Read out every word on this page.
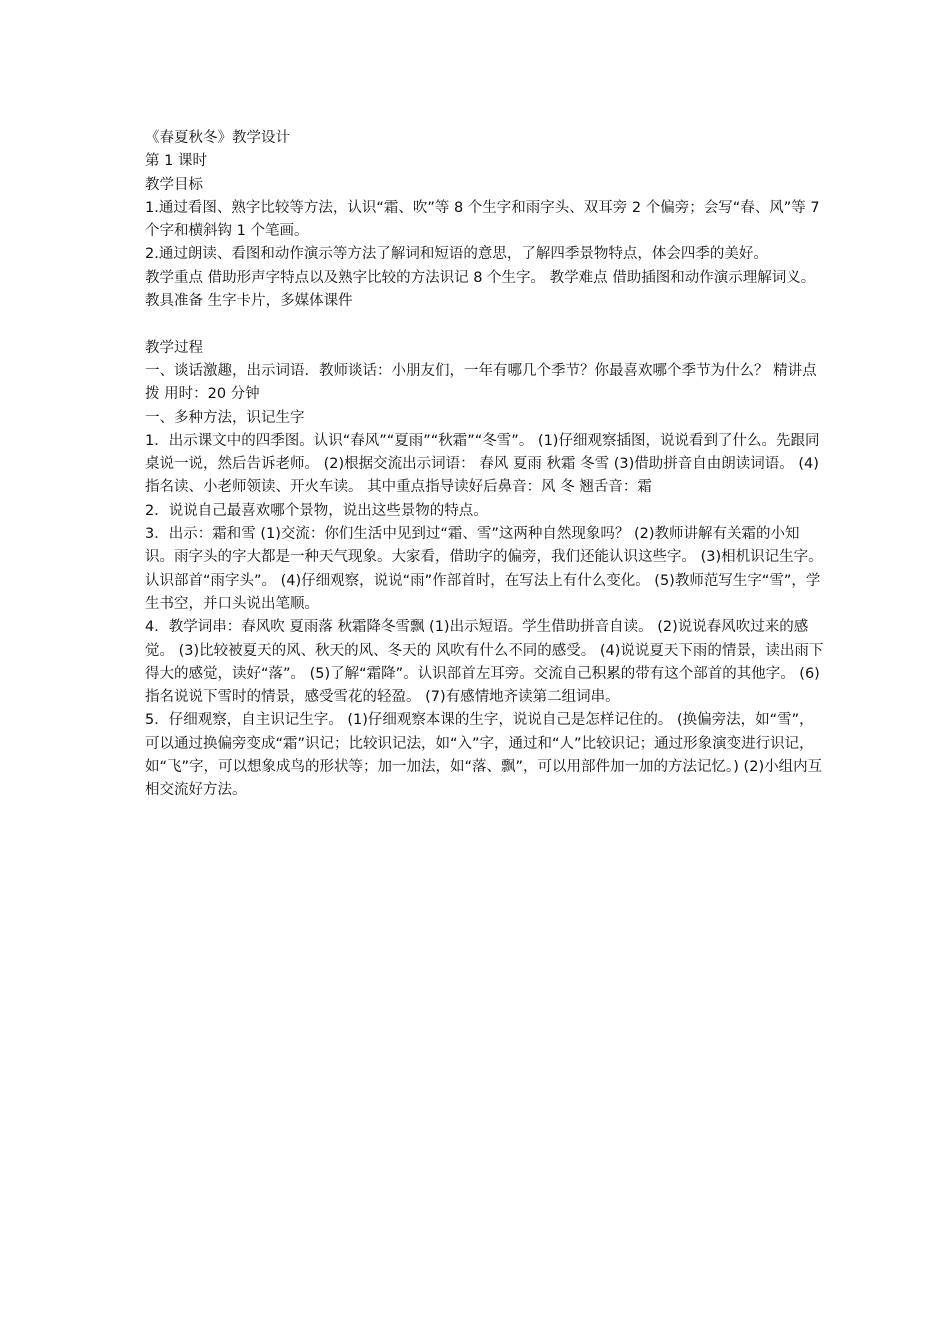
《春夏秋冬》教学设计

第 1 课时

教学目标

1.通过看图、熟字比较等方法，认识“霜、吹”等 8 个生字和雨字头、双耳旁 2 个偏旁；会写“春、风”等 7 个字和横斜钩 1 个笔画。

2.通过朗读、看图和动作演示等方法了解词和短语的意思，了解四季景物特点，体会四季的美好。

教学重点 借助形声字特点以及熟字比较的方法识记 8 个生字。 教学难点 借助插图和动作演示理解词义。

教具准备 生字卡片，多媒体课件

教学过程

一、谈话激趣，出示词语．教师谈话：小朋友们，一年有哪几个季节？你最喜欢哪个季节为什么？ 精讲点拨 用时：20 分钟

一、多种方法，识记生字

1．出示课文中的四季图。认识“春风”“夏雨”“秋霜”“冬雪”。 (1)仔细观察插图，说说看到了什么。先跟同桌说一说，然后告诉老师。 (2)根据交流出示词语： 春风 夏雨 秋霜 冬雪 (3)借助拼音自由朗读词语。 (4)指名读、小老师领读、开火车读。 其中重点指导读好后鼻音：风 冬 翘舌音：霜

2．说说自己最喜欢哪个景物，说出这些景物的特点。

3．出示：霜和雪 (1)交流：你们生活中见到过“霜、雪”这两种自然现象吗？ (2)教师讲解有关霜的小知识。雨字头的字大都是一种天气现象。大家看，借助字的偏旁，我们还能认识这些字。 (3)相机识记生字。认识部首“雨字头”。 (4)仔细观察，说说“雨”作部首时，在写法上有什么变化。 (5)教师范写生字“雪”，学生书空，并口头说出笔顺。

4．教学词串：春风吹 夏雨落 秋霜降冬雪飘 (1)出示短语。学生借助拼音自读。 (2)说说春风吹过来的感觉。 (3)比较被夏天的风、秋天的风、冬天的 风吹有什么不同的感受。 (4)说说夏天下雨的情景，读出雨下得大的感觉，读好“落”。 (5)了解“霜降”。认识部首左耳旁。交流自己积累的带有这个部首的其他字。 (6)指名说说下雪时的情景，感受雪花的轻盈。 (7)有感情地齐读第二组词串。

5．仔细观察，自主识记生字。 (1)仔细观察本课的生字，说说自己是怎样记住的。 (换偏旁法，如“雪”，可以通过换偏旁变成“霜”识记；比较识记法，如“入”字，通过和“人”比较识记；通过形象演变进行识记，如“飞”字，可以想象成鸟的形状等；加一加法，如“落、飘”，可以用部件加一加的方法记忆。) (2)小组内互相交流好方法。
